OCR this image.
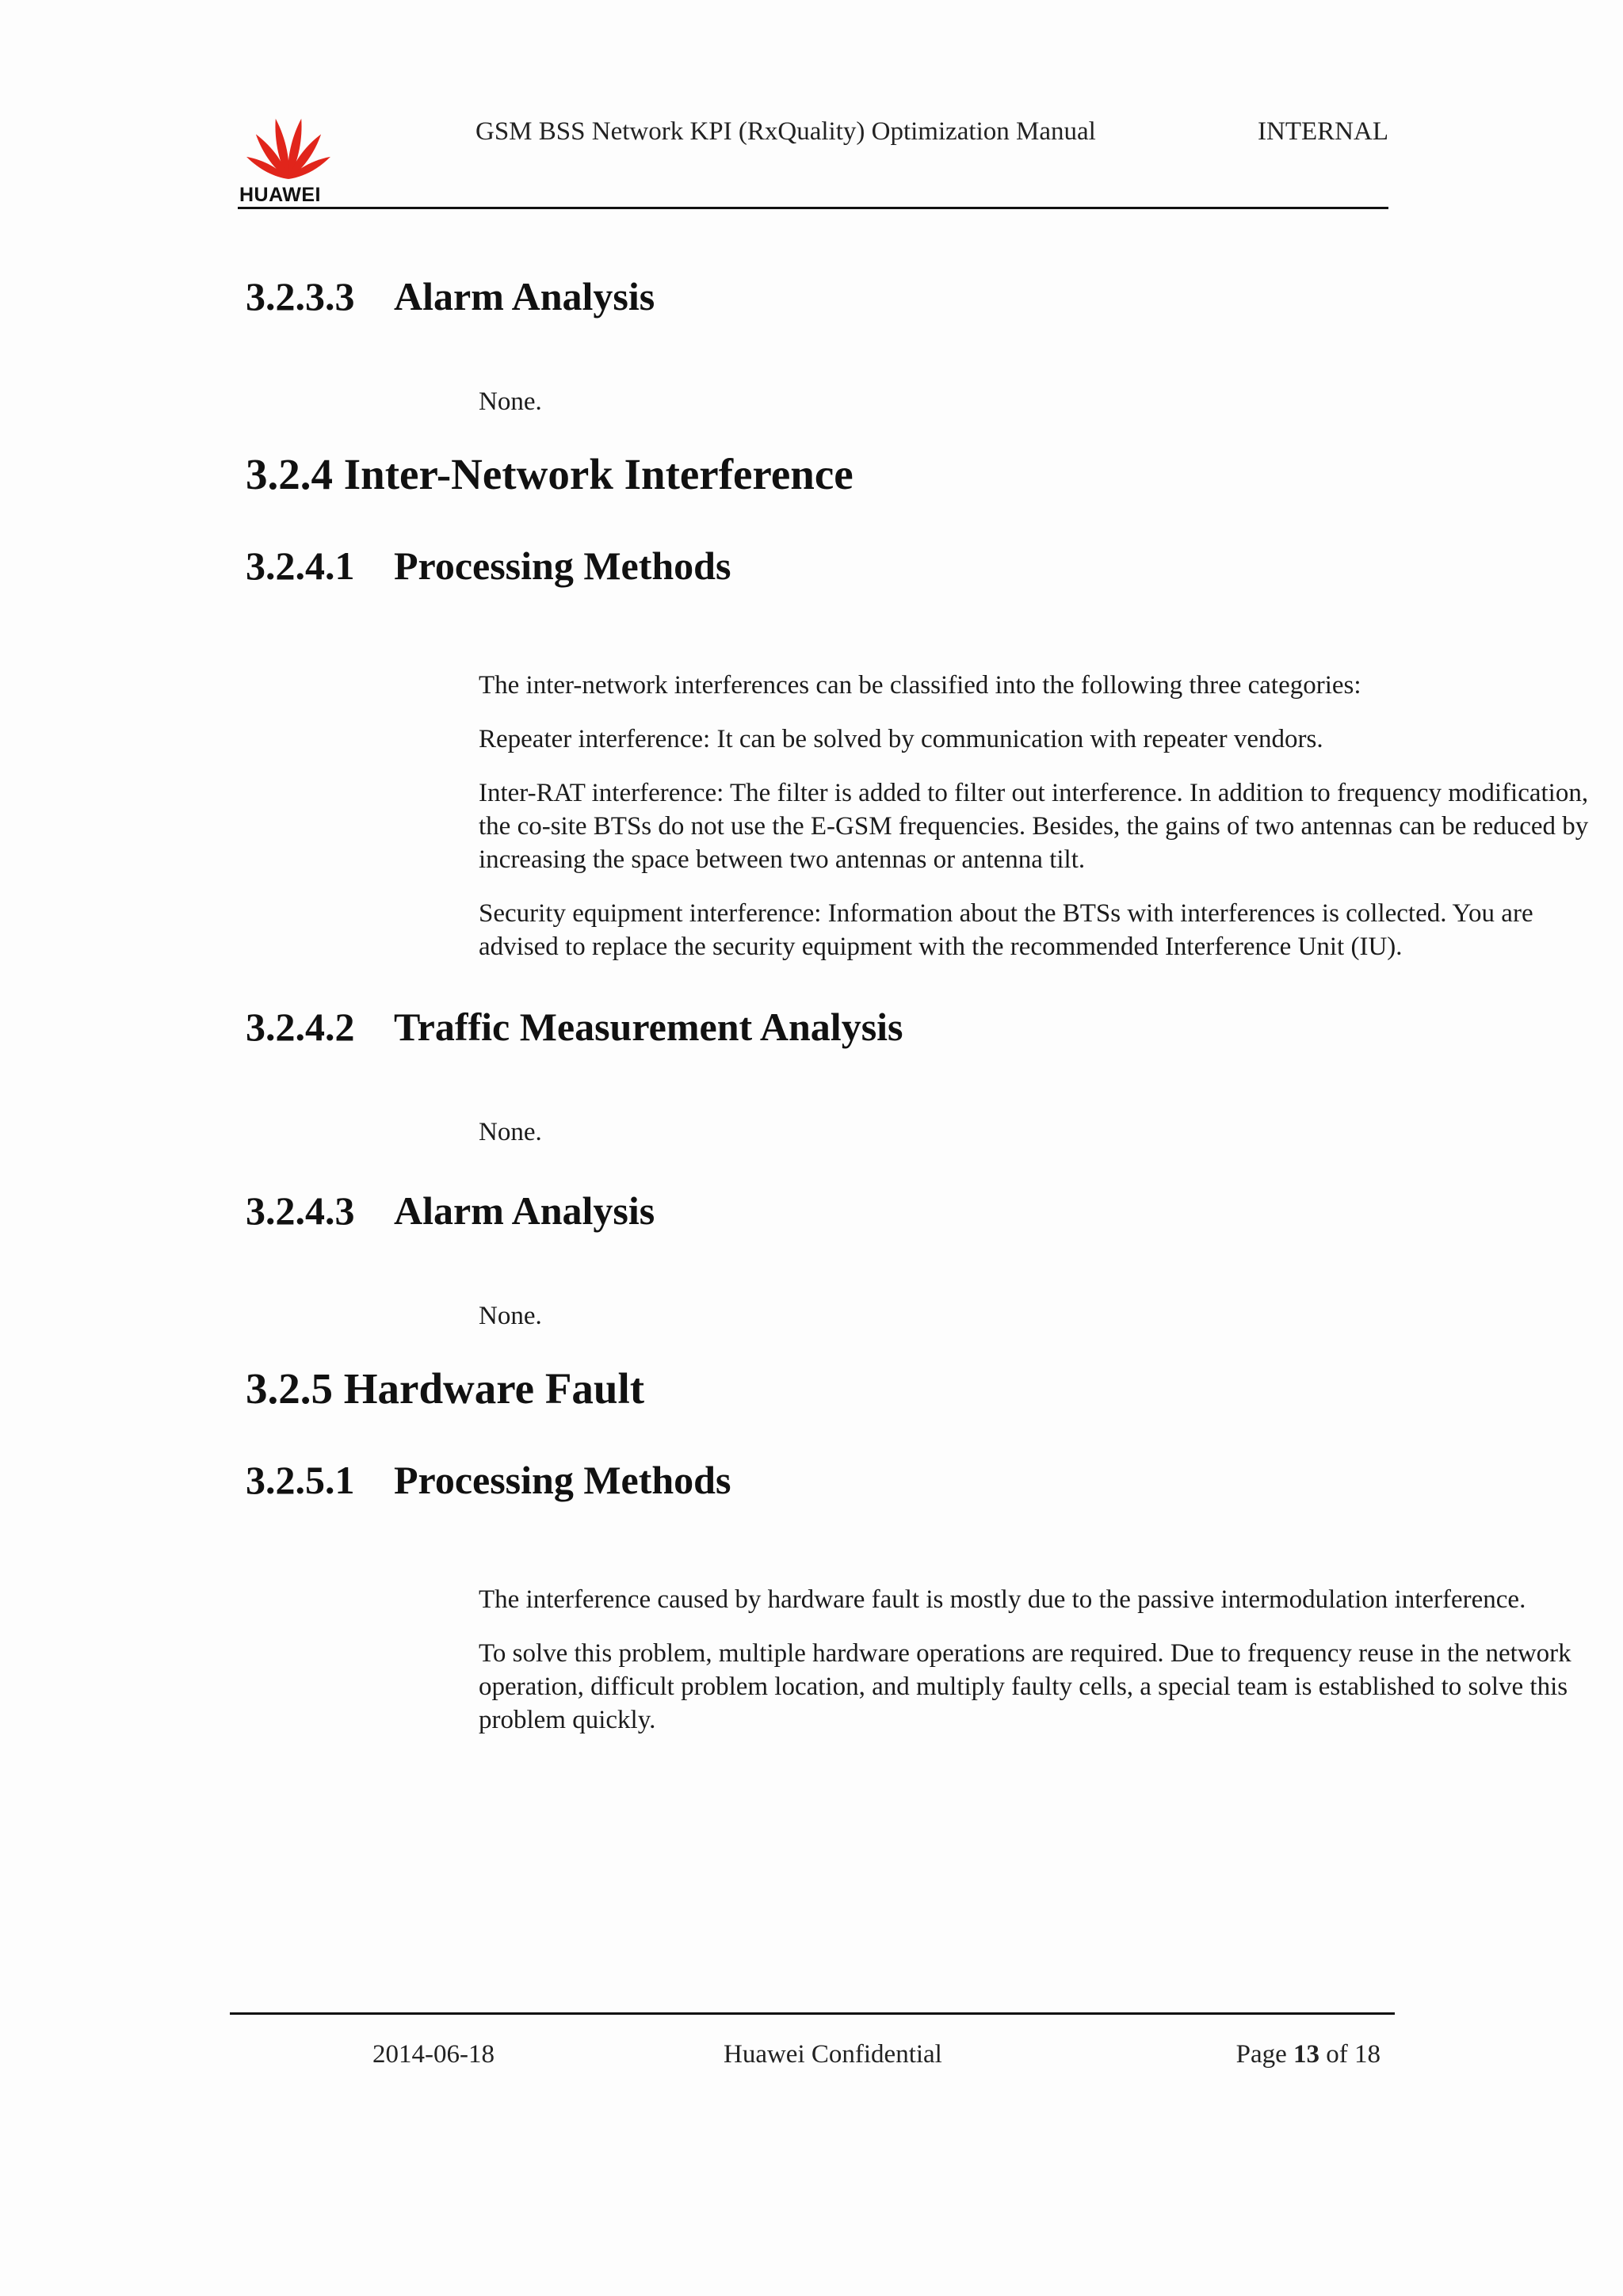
HUAWEI
GSM BSS Network KPI (RxQuality) Optimization Manual	INTERNAL
3.2.3.3 Alarm Analysis

None.

3.2.4 Inter-Network Interference
3.2.4.1 Processing Methods

The inter-network interferences can be classified into the following three categories:

Repeater interference: It can be solved by communication with repeater vendors.

Inter-RAT interference: The filter is added to filter out interference. In addition to frequency modification, the co-site BTSs do not use the E-GSM frequencies. Besides, the gains of two antennas can be reduced by increasing the space between two antennas or antenna tilt.

Security equipment interference: Information about the BTSs with interferences is collected. You are advised to replace the security equipment with the recommended Interference Unit (IU).

3.2.4.2 Traffic Measurement Analysis

None.

3.2.4.3 Alarm Analysis

None.

3.2.5 Hardware Fault
3.2.5.1 Processing Methods

The interference caused by hardware fault is mostly due to the passive intermodulation interference.

To solve this problem, multiple hardware operations are required. Due to frequency reuse in the network operation, difficult problem location, and multiply faulty cells, a special team is established to solve this problem quickly.

2014-06-18	Huawei Confidential	Page 13 of 18
